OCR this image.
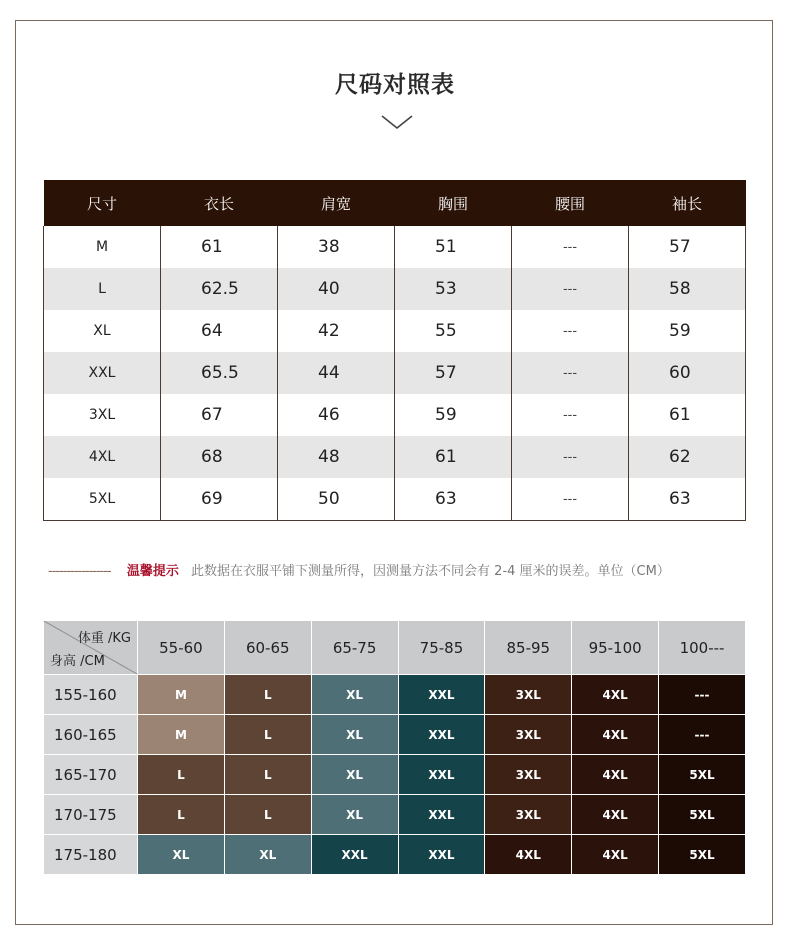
尺码对照表
尺寸	衣长	肩宽	胸围	腰围	袖长
M	61	38	51	---	57
L	62.5	40	53	---	58
XL	64	42	55	---	59
XXL	65.5	44	57	---	60
3XL	67	46	59	---	61
4XL	68	48	61	---	62
5XL	69	50	63	---	63
----------------- 温馨提示 此数据在衣服平铺下测量所得，因测量方法不同会有 2-4 厘米的误差。单位（CM）
体重 /KG
身高 /CM	55-60	60-65	65-75	75-85	85-95	95-100	100---
155-160	M	L	XL	XXL	3XL	4XL	---
160-165	M	L	XL	XXL	3XL	4XL	---
165-170	L	L	XL	XXL	3XL	4XL	5XL
170-175	L	L	XL	XXL	3XL	4XL	5XL
175-180	XL	XL	XXL	XXL	4XL	4XL	5XL
